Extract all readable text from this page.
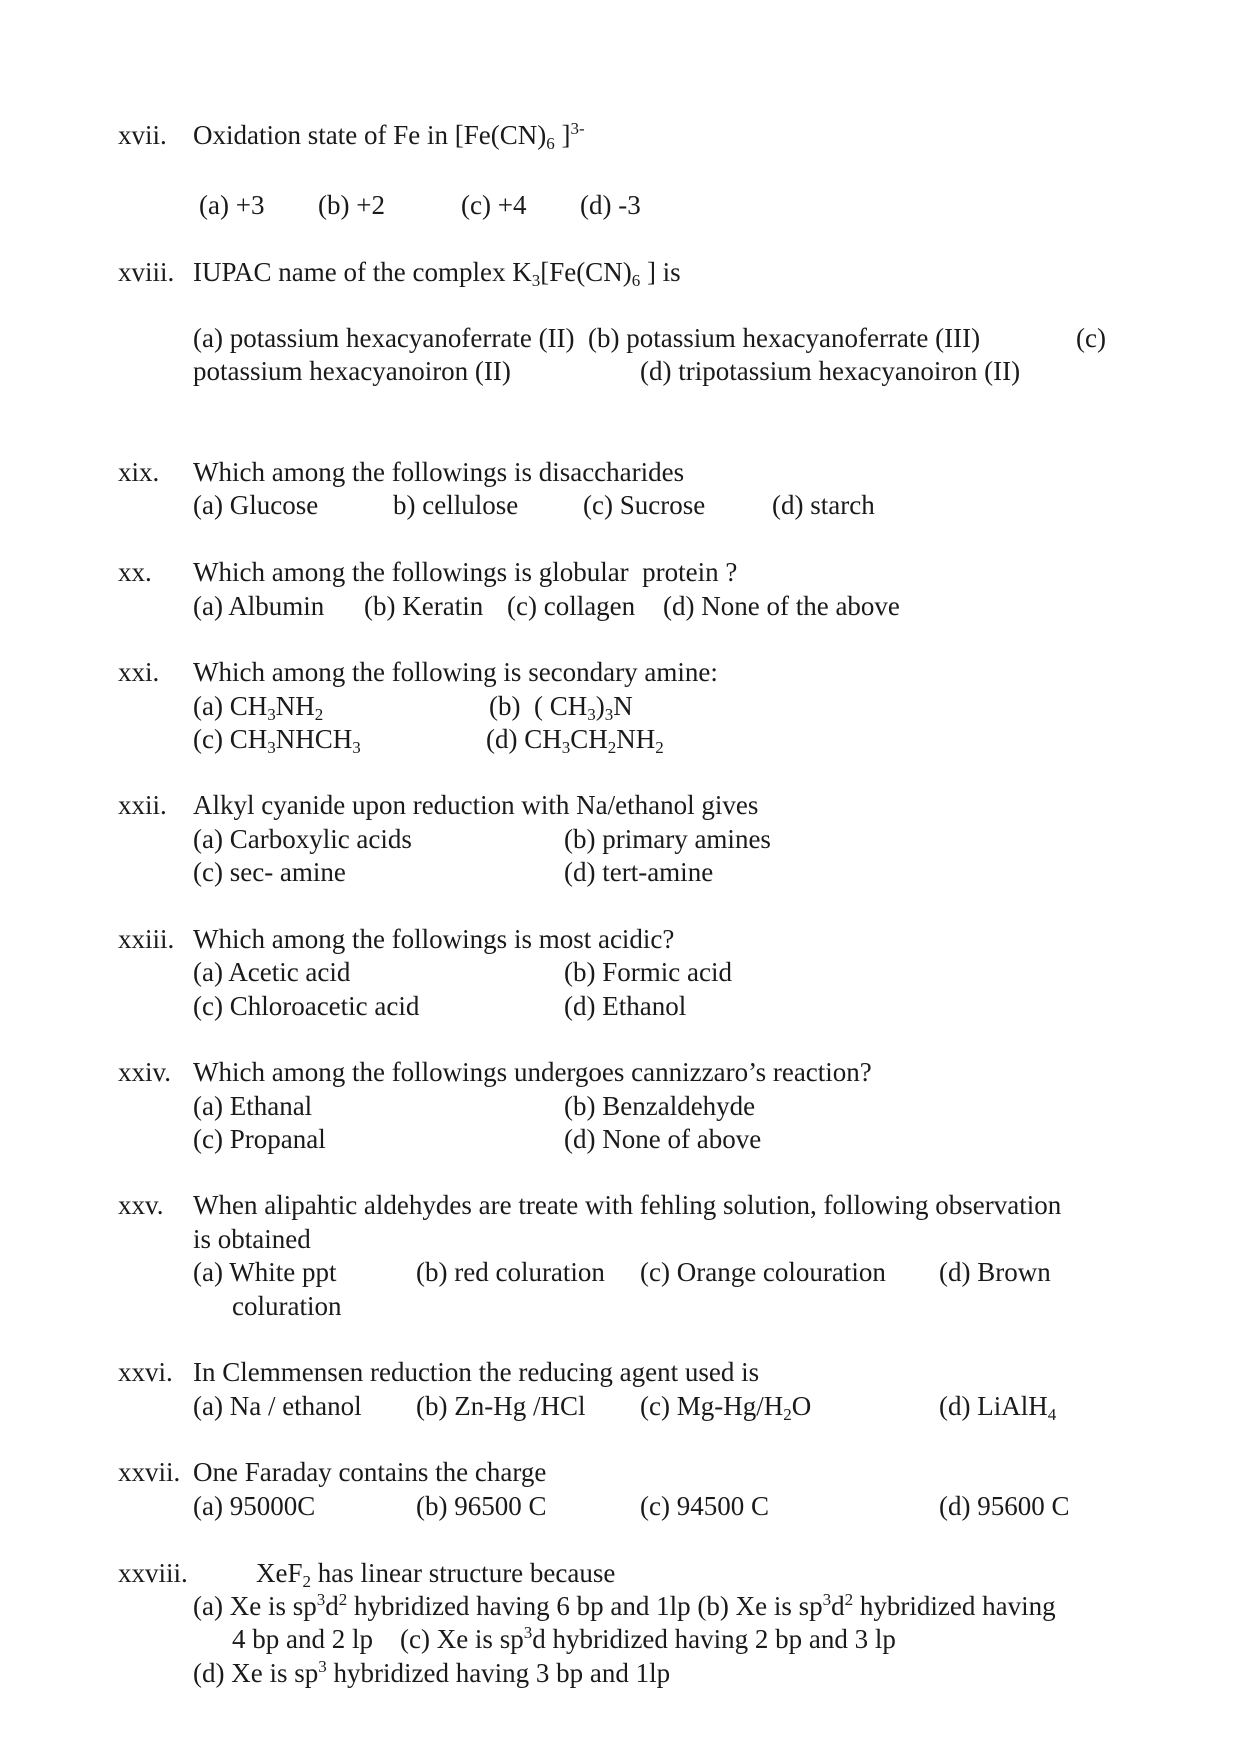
xvii. Oxidation state of Fe in [$Fe(CN)_6$ ]$^{3-}$
(a) +3 (b) +2	(c) +4 (d) -3
xviii. IUPAC name of the complex $K_3[Fe(CN)_6$ ] is
(a) potassium hexacyanoferrate (II)  (b) potassium hexacyanoferrate (III)	(c)
potassium hexacyanoiron (II)	(d) tripotassium hexacyanoiron (II)
xix. Which among the followings is disaccharides
(a) Glucose	b) cellulose (c) Sucrose (d) starch
xx. Which among the followings is globular  protein ?
(a) Albumin (b) Keratin (c) collagen (d) None of the above
xxi. Which among the following is secondary amine:
(a) $CH_3NH_2$	(b)  ( $CH_3)_3N$
(c) $CH_3NHCH_3$	(d) $CH_3CH_2NH_2$
xxii. Alkyl cyanide upon reduction with Na/ethanol gives
(a) Carboxylic acids	(b) primary amines
(c) sec- amine	(d) tert-amine
xxiii. Which among the followings is most acidic?
(a) Acetic acid	(b) Formic acid
(c) Chloroacetic acid	(d) Ethanol
xxiv. Which among the followings undergoes cannizzaro’s reaction?
(a) Ethanal	(b) Benzaldehyde
(c) Propanal	(d) None of above
xxv. When alipahtic aldehydes are treate with fehling solution, following observation
is obtained
(a) White ppt	(b) red coluration (c) Orange colouration (d) Brown
coluration
xxvi. In Clemmensen reduction the reducing agent used is
(a) Na / ethanol (b) Zn-Hg /HCl (c) $Mg-Hg/H_2O$	(d) LiAlH$_4$
xxvii. One Faraday contains the charge
(a) 95000C	(b) 96500 C	(c) 94500 C	(d) 95600 C
xxviii.	XeF$_2$ has linear structure because
(a) Xe is $sp^3d^2$ hybridized having 6 bp and 1lp (b) Xe is $sp^3d^2$ hybridized having
4 bp and 2 lp    (c) Xe is $sp^3d$ hybridized having 2 bp and 3 lp
(d) Xe is $sp^3$ hybridized having 3 bp and 1lp
